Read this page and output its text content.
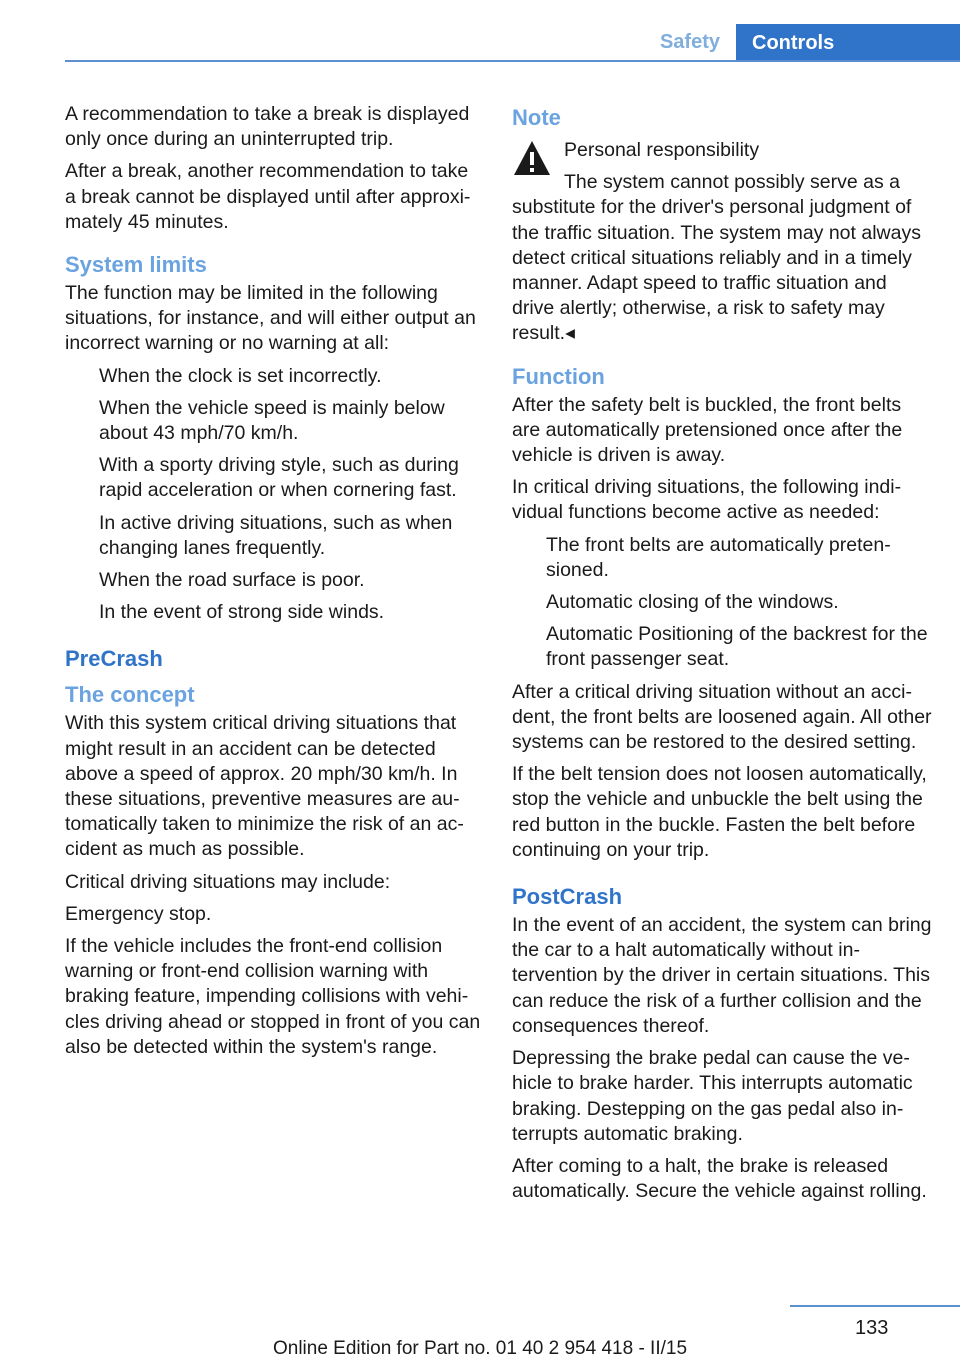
Safety	Controls

A recommendation to take a break is displayed only once during an uninterrupted trip.

After a break, another recommendation to take a break cannot be displayed until after approximately 45 minutes.

System limits

The function may be limited in the following situations, for instance, and will either output an incorrect warning or no warning at all:

When the clock is set incorrectly.
When the vehicle speed is mainly below about 43 mph/70 km/h.
With a sporty driving style, such as during rapid acceleration or when cornering fast.
In active driving situations, such as when changing lanes frequently.
When the road surface is poor.
In the event of strong side winds.
PreCrash
The concept

With this system critical driving situations that might result in an accident can be detected above a speed of approx. 20 mph/30 km/h. In these situations, preventive measures are automatically taken to minimize the risk of an accident as much as possible.

Critical driving situations may include:

Emergency stop.

If the vehicle includes the front-end collision warning or front-end collision warning with braking feature, impending collisions with vehicles driving ahead or stopped in front of you can also be detected within the system's range.

Note

Personal responsibility

The system cannot possibly serve as a

substitute for the driver's personal judgment of the traffic situation. The system may not always detect critical situations reliably and in a timely manner. Adapt speed to traffic situation and drive alertly; otherwise, a risk to safety may result.◂

Function

After the safety belt is buckled, the front belts are automatically pretensioned once after the vehicle is driven is away.

In critical driving situations, the following individual functions become active as needed:

The front belts are automatically pretensioned.
Automatic closing of the windows.
Automatic Positioning of the backrest for the front passenger seat.

After a critical driving situation without an accident, the front belts are loosened again. All other systems can be restored to the desired setting.

If the belt tension does not loosen automatically, stop the vehicle and unbuckle the belt using the red button in the buckle. Fasten the belt before continuing on your trip.

PostCrash

In the event of an accident, the system can bring the car to a halt automatically without intervention by the driver in certain situations. This can reduce the risk of a further collision and the consequences thereof.

Depressing the brake pedal can cause the vehicle to brake harder. This interrupts automatic braking. Destepping on the gas pedal also interrupts automatic braking.

After coming to a halt, the brake is released automatically. Secure the vehicle against rolling.

133
Online Edition for Part no. 01 40 2 954 418 - II/15
